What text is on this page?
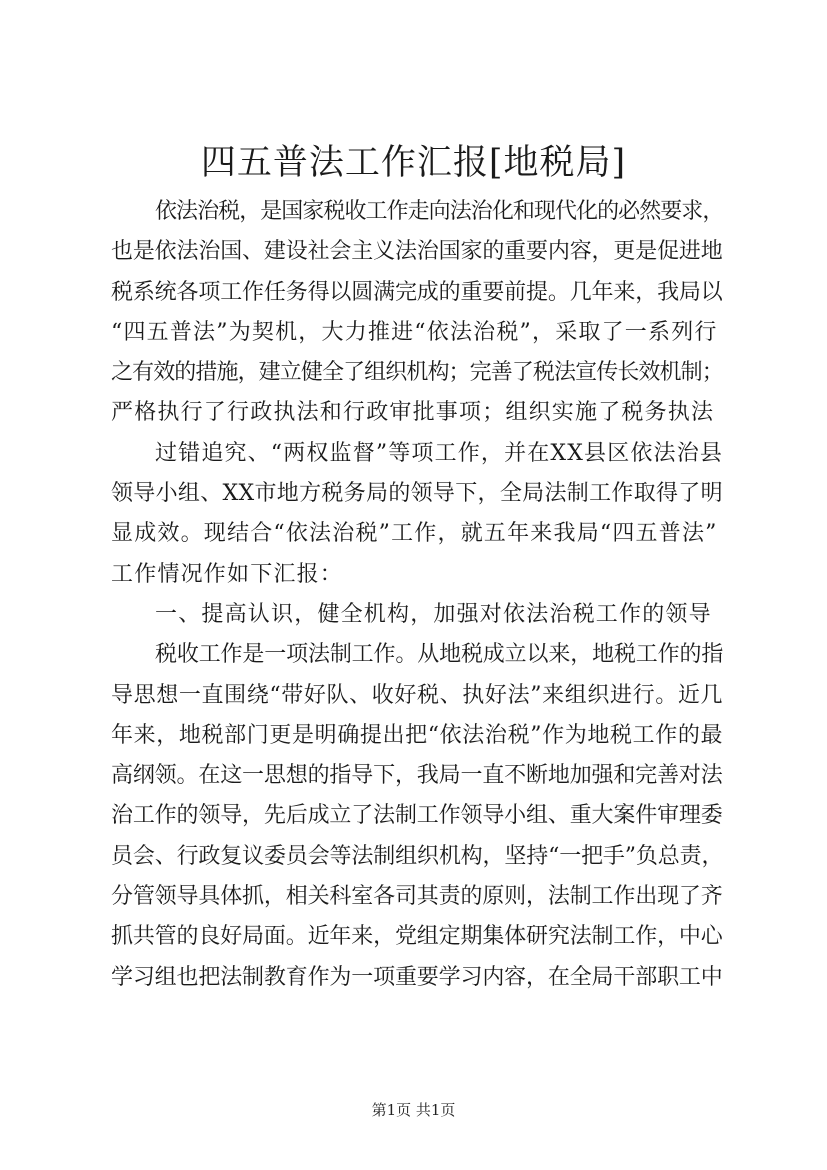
四五普法工作汇报[地税局]
依法治税，是国家税收工作走向法治化和现代化的必然要求，
也是依法治国、建设社会主义法治国家的重要内容，更是促进地
税系统各项工作任务得以圆满完成的重要前提。几年来，我局以
“四五普法”为契机，大力推进“依法治税”，采取了一系列行
之有效的措施，建立健全了组织机构；完善了税法宣传长效机制；
严格执行了行政执法和行政审批事项；组织实施了税务执法
过错追究、“两权监督”等项工作，并在XX县区依法治县
领导小组、XX市地方税务局的领导下，全局法制工作取得了明
显成效。现结合“依法治税”工作，就五年来我局“四五普法”
工作情况作如下汇报：
一、提高认识，健全机构，加强对依法治税工作的领导
税收工作是一项法制工作。从地税成立以来，地税工作的指
导思想一直围绕“带好队、收好税、执好法”来组织进行。近几
年来，地税部门更是明确提出把“依法治税”作为地税工作的最
高纲领。在这一思想的指导下，我局一直不断地加强和完善对法
治工作的领导，先后成立了法制工作领导小组、重大案件审理委
员会、行政复议委员会等法制组织机构，坚持“一把手”负总责，
分管领导具体抓，相关科室各司其责的原则，法制工作出现了齐
抓共管的良好局面。近年来，党组定期集体研究法制工作，中心
学习组也把法制教育作为一项重要学习内容，在全局干部职工中
第1页 共1页
